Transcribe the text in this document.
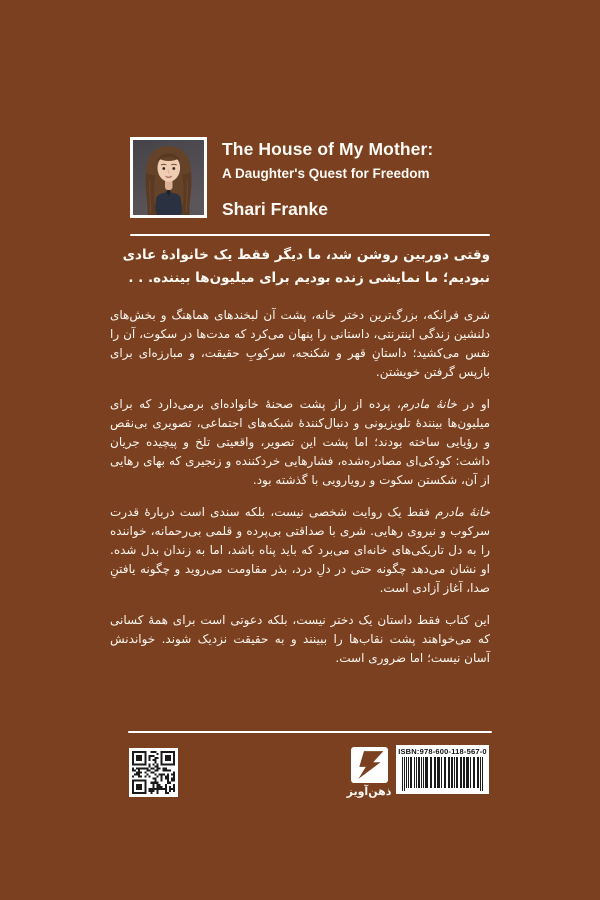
The House of My Mother:
A Daughter's Quest for Freedom
Shari Franke

وقتی دوربین روشن شد، ما دیگر فقط یک خانوادهٔ عادی نبودیم؛ ما نمایشی زنده بودیم برای میلیون‌ها بیننده. . .

شری فرانکه، بزرگ‌ترین دختر خانه، پشت آن لبخندهای هماهنگ و بخش‌های دلنشین زندگی اینترنتی، داستانی را پنهان می‌کرد که مدت‌ها در سکوت، آن را نفس می‌کشید؛ داستانِ قهر و شکنجه، سرکوبِ حقیقت، و مبارزه‌ای برای بازپس گرفتن خویشتن.

او در خانهٔ مادرم، پرده از راز پشت صحنهٔ خانواده‌ای برمی‌دارد که برای میلیون‌ها بینندهٔ تلویزیونی و دنبال‌کنندهٔ شبکه‌های اجتماعی، تصویری بی‌نقص و رؤیایی ساخته بودند؛ اما پشت این تصویر، واقعیتی تلخ و پیچیده جریان داشت: کودکی‌ای مصادره‌شده، فشارهایی خردکننده و زنجیری که بهای رهایی از آن، شکستن سکوت و رویارویی با گذشته بود.

خانهٔ مادرم فقط یک روایت شخصی نیست، بلکه سندی است دربارهٔ قدرت سرکوب و نیروی رهایی. شری با صداقتی بی‌پرده و قلمی بی‌رحمانه، خواننده را به دل تاریکی‌های خانه‌ای می‌برد که باید پناه باشد، اما به زندان بدل شده. او نشان می‌دهد چگونه حتی در دلِ درد، بذر مقاومت می‌روید و چگونه یافتنِ صدا، آغاز آزادی است.

این کتاب فقط داستان یک دختر نیست، بلکه دعوتی است برای همهٔ کسانی که می‌خواهند پشت نقاب‌ها را ببینند و به حقیقت نزدیک شوند. خواندنش آسان نیست؛ اما ضروری است.

ذهن‌آویز
ISBN:978-600-118-567-0
